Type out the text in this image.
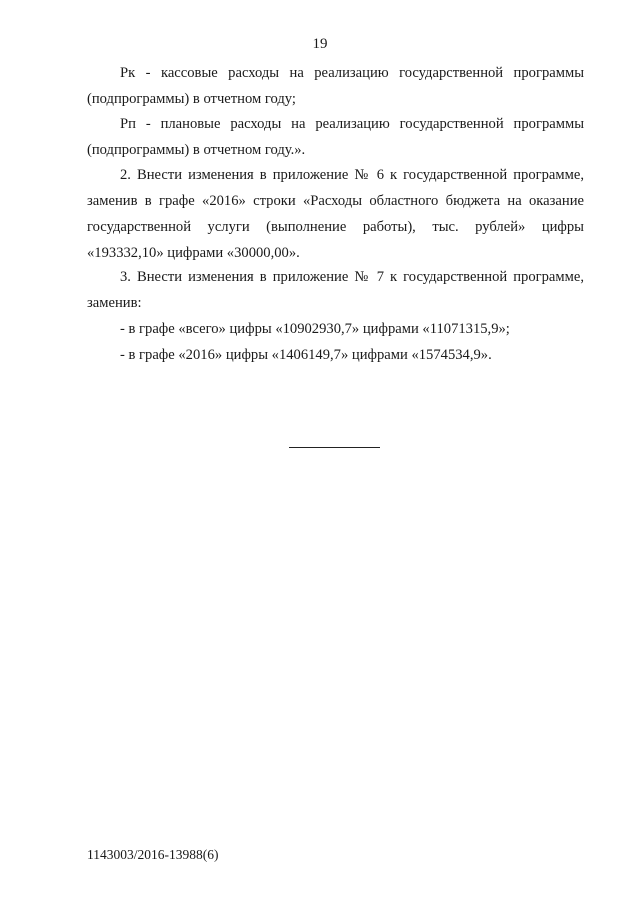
19
Рк - кассовые расходы на реализацию государственной программы
(подпрограммы) в отчетном году;
Рп - плановые расходы на реализацию государственной программы
(подпрограммы) в отчетном году.».
2. Внести изменения в приложение № 6 к государственной программе,
заменив в графе «2016» строки «Расходы областного бюджета на оказание
государственной услуги (выполнение работы), тыс. рублей» цифры
«193332,10» цифрами «30000,00».
3. Внести изменения в приложение № 7 к государственной программе,
заменив:
- в графе «всего» цифры «10902930,7» цифрами «11071315,9»;
- в графе «2016» цифры «1406149,7» цифрами «1574534,9».
1143003/2016-13988(6)
